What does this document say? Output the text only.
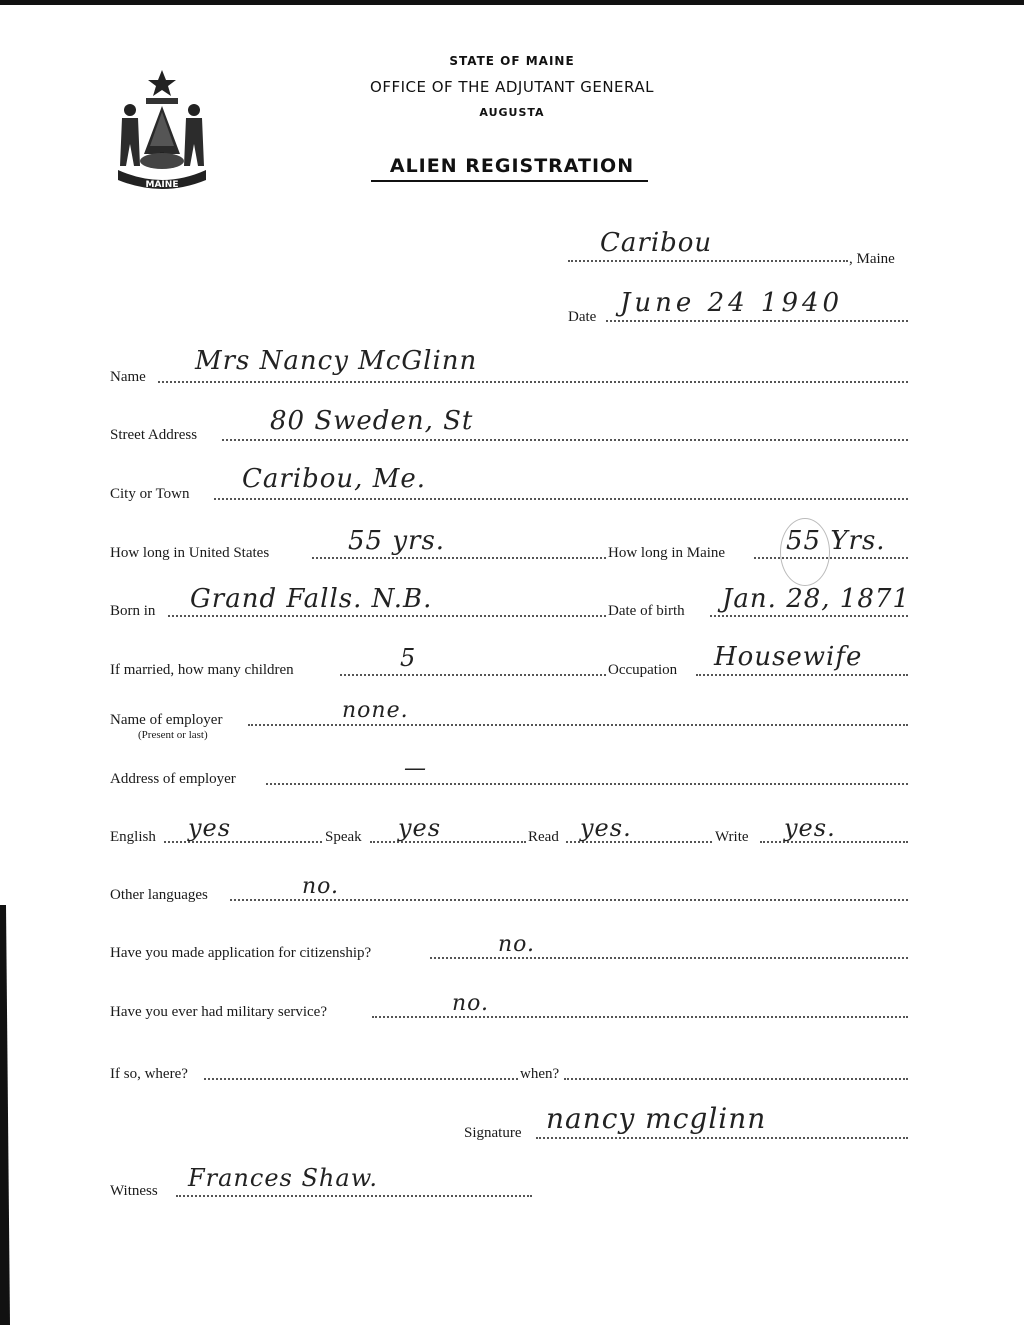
MAINE
STATE OF MAINE
OFFICE OF THE ADJUTANT GENERAL
AUGUSTA
ALIEN REGISTRATION
Caribou
, Maine
Date June 24 1940
Name
Mrs Nancy McGlinn
Street Address	80 Sweden, St
City or Town Caribou, Me.
How long in United States	55 yrs.	How long in Maine 55 Yrs.
Born in Grand Falls. N.B.	Date of birth Jan. 28, 1871
If married, how many children	5	Occupation Housewife
Name of employer
(Present or last)
none.
Address of employer	—
English yes	Speak yes	Read yes.	Write yes.
Other languages	no.
Have you made application for citizenship?	no.
Have you ever had military service?	no.
If so, where?	when?
Signature nancy mcglinn
Witness Frances Shaw.
